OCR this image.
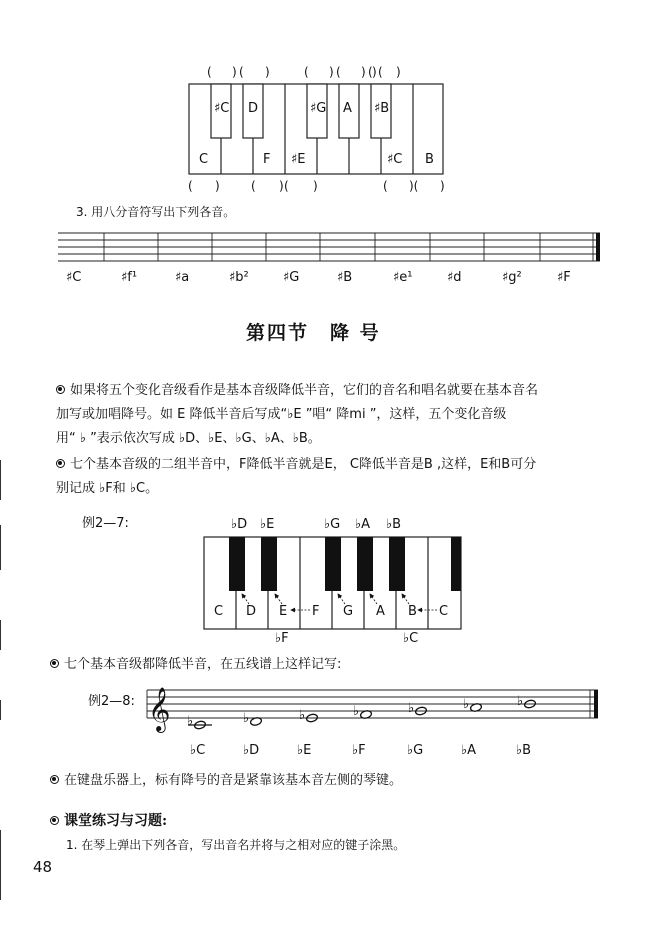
( ) ( )	( ) ( ) ( ) ( )
♯C D	♯G A ♯B
C	F ♯E	♯C B
( )	( ) ( )	( )( )
3. 用八分音符写出下列各音。
♯C	♯f¹	♯a	♯b²	♯G	♯B	♯e¹	♯d	♯g²	♯F
第四节　降 号
如果将五个变化音级看作是基本音级降低半音，它们的音名和唱名就要在基本音名
加写或加唱降号。如 E 降低半音后写成“♭E ”唱“ 降mi ”，这样，五个变化音级
用“ ♭ ”表示依次写成 ♭D、♭E、♭G、♭A、♭B。
七个基本音级的二组半音中，F降低半音就是E， C降低半音是B ,这样，E和B可分
别记成 ♭F和 ♭C。
例2—7:	♭D ♭E	♭G ♭A ♭B
C D E F G A B C
♭F	♭C
七个基本音级都降低半音，在五线谱上这样记写:
例2—8: 𝄞 ♭	♭	♭	♭	♭	♭	♭
♭C	♭D	♭E	♭F	♭G	♭A	♭B
在键盘乐器上，标有降号的音是紧靠该基本音左侧的琴键。
课堂练习与习题:
1. 在琴上弹出下列各音，写出音名并将与之相对应的键子涂黑。
48
